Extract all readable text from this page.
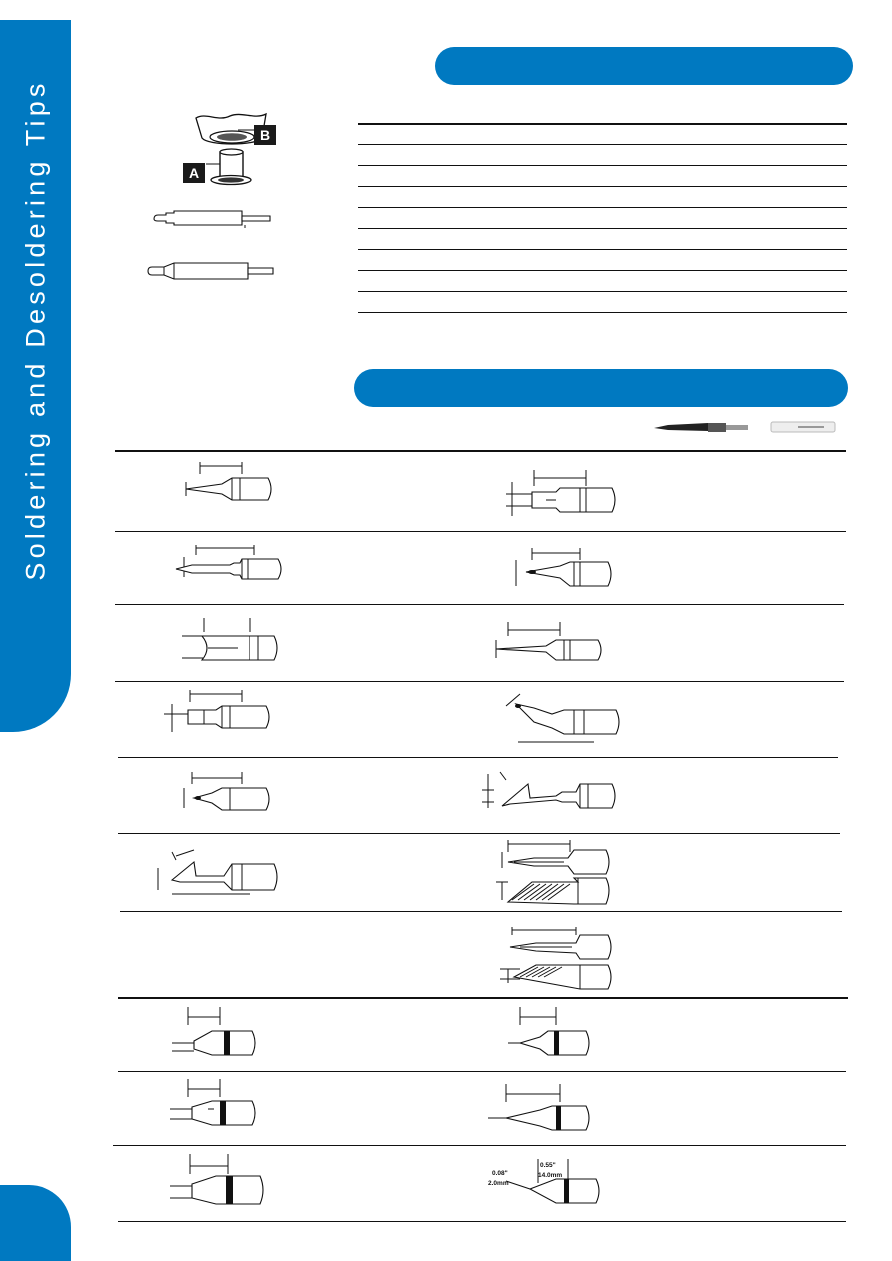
Soldering and Desoldering Tips	B
A
0.08"
2.0mm
0.55"
14.0mm
